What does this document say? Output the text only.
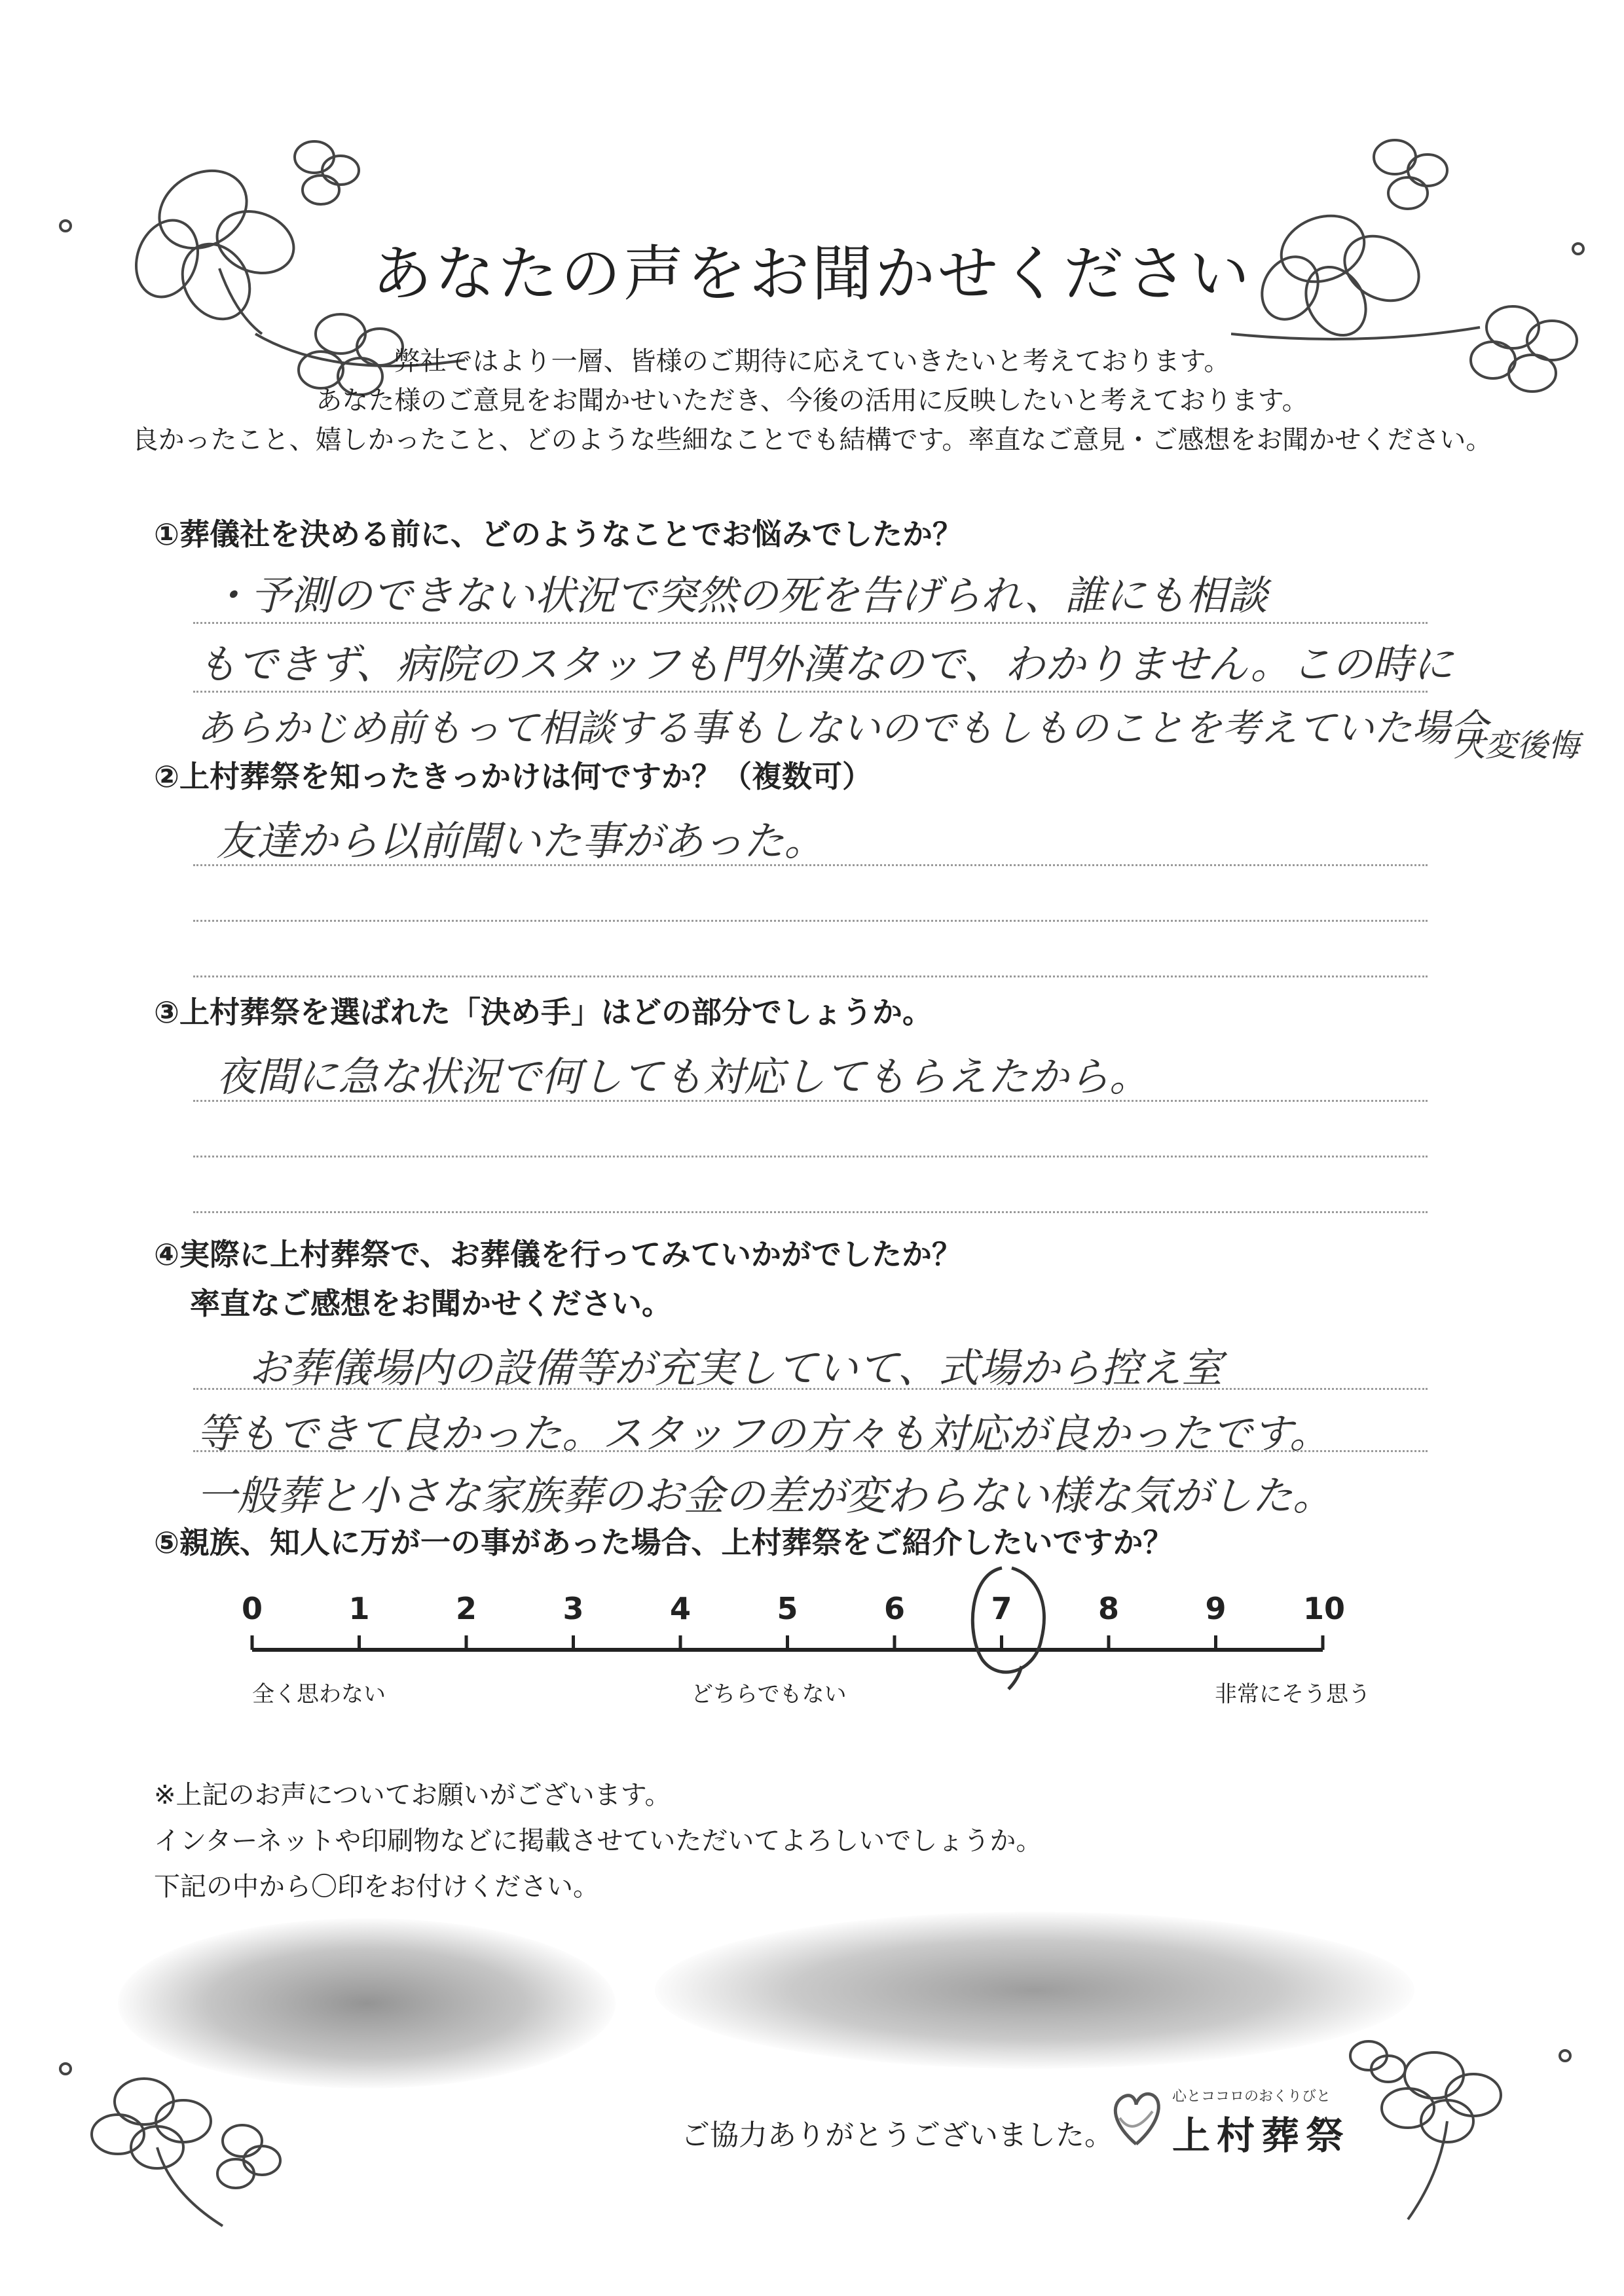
あなたの声をお聞かせください
弊社ではより一層、皆様のご期待に応えていきたいと考えております。
あなた様のご意見をお聞かせいただき、今後の活用に反映したいと考えております。
良かったこと、嬉しかったこと、どのような些細なことでも結構です。率直なご意見・ご感想をお聞かせください。
①葬儀社を決める前に、どのようなことでお悩みでしたか？
・予測のできない状況で突然の死を告げられ、誰にも相談
もできず、病院のスタッフも門外漢なので、わかりません。この時に
あらかじめ前もって相談する事もしないのでもしものことを考えていた場合
大変後悔
②上村葬祭を知ったきっかけは何ですか？（複数可）
友達から以前聞いた事があった。
③上村葬祭を選ばれた「決め手」はどの部分でしょうか。
夜間に急な状況で何しても対応してもらえたから。
④実際に上村葬祭で、お葬儀を行ってみていかがでしたか？
率直なご感想をお聞かせください。
お葬儀場内の設備等が充実していて、式場から控え室
等もできて良かった。スタッフの方々も対応が良かったです。
一般葬と小さな家族葬のお金の差が変わらない様な気がした。
⑤親族、知人に万が一の事があった場合、上村葬祭をご紹介したいですか？
0	1	2	3	4	5	6	7	8	9	10
全く思わない	どちらでもない	非常にそう思う
※上記のお声についてお願いがございます。
インターネットや印刷物などに掲載させていただいてよろしいでしょうか。
下記の中から〇印をお付けください。
ご協力ありがとうございました。
心とココロのおくりびと
上村葬祭
